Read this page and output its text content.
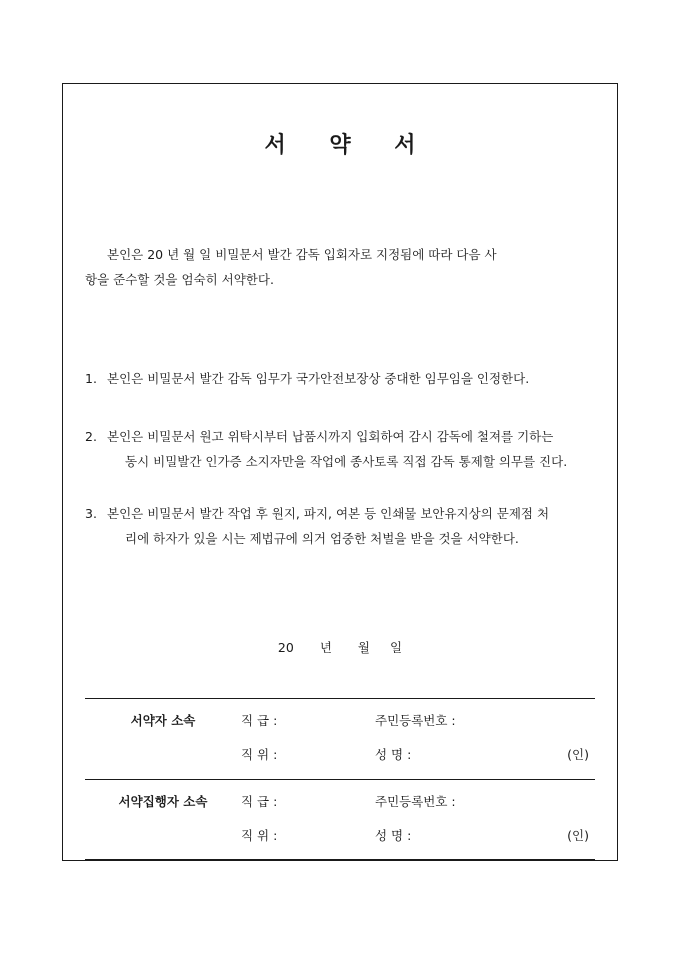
서 약 서
본인은 20 년 월 일 비밀문서 발간 감독 입회자로 지정됨에 따라 다음 사
항을 준수할 것을 엄숙히 서약한다.
1. 본인은 비밀문서 발간 감독 임무가 국가안전보장상 중대한 임무임을 인정한다.
2. 본인은 비밀문서 원고 위탁시부터 납품시까지 입회하여 감시 감독에 철져를 기하는
동시 비밀발간 인가증 소지자만을 작업에 종사토록 직접 감독 통제할 의무를 진다.
3. 본인은 비밀문서 발간 작업 후 원지, 파지, 여본 등 인쇄물 보안유지상의 문제점 처
리에 하자가 있을 시는 제법규에 의거 엄중한 처벌을 받을 것을 서약한다.
20 년 월 일
서약자 소속	직 급 :	주민등록번호 :
직 위 :	성 명 :	(인)
서약집행자 소속	직 급 :	주민등록번호 :
직 위 :	성 명 :	(인)
